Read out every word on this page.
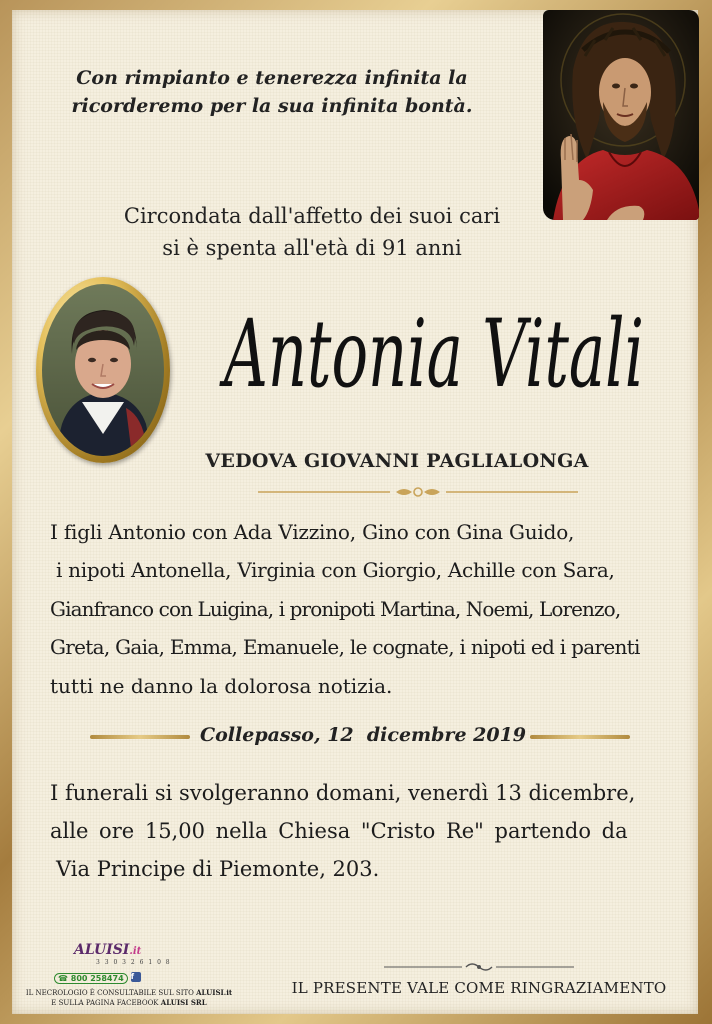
Con rimpianto e tenerezza infinita la
ricorderemo per la sua infinita bontà.
Circondata dall'affetto dei suoi cari
si è spenta all'età di 91 anni
Antonia Vitali
VEDOVA GIOVANNI PAGLIALONGA
I figli Antonio con Ada Vizzino, Gino con Gina Guido,
i nipoti Antonella, Virginia con Giorgio, Achille con Sara,
Gianfranco con Luigina, i pronipoti Martina, Noemi, Lorenzo,
Greta, Gaia, Emma, Emanuele, le cognate, i nipoti ed i parenti
tutti ne danno la dolorosa notizia.
Collepasso, 12  dicembre 2019
I funerali si svolgeranno domani, venerdì 13 dicembre,
alle ore 15,00 nella Chiesa "Cristo Re" partendo da
Via Principe di Piemonte, 203.
IL PRESENTE VALE COME RINGRAZIAMENTO
ALUISI.it
3 3 0 3 2 6 1 0 8
☎ 800 258474 f
IL NECROLOGIO È CONSULTABILE SUL SITO ALUISI.it
E SULLA PAGINA FACEBOOK ALUISI SRL
